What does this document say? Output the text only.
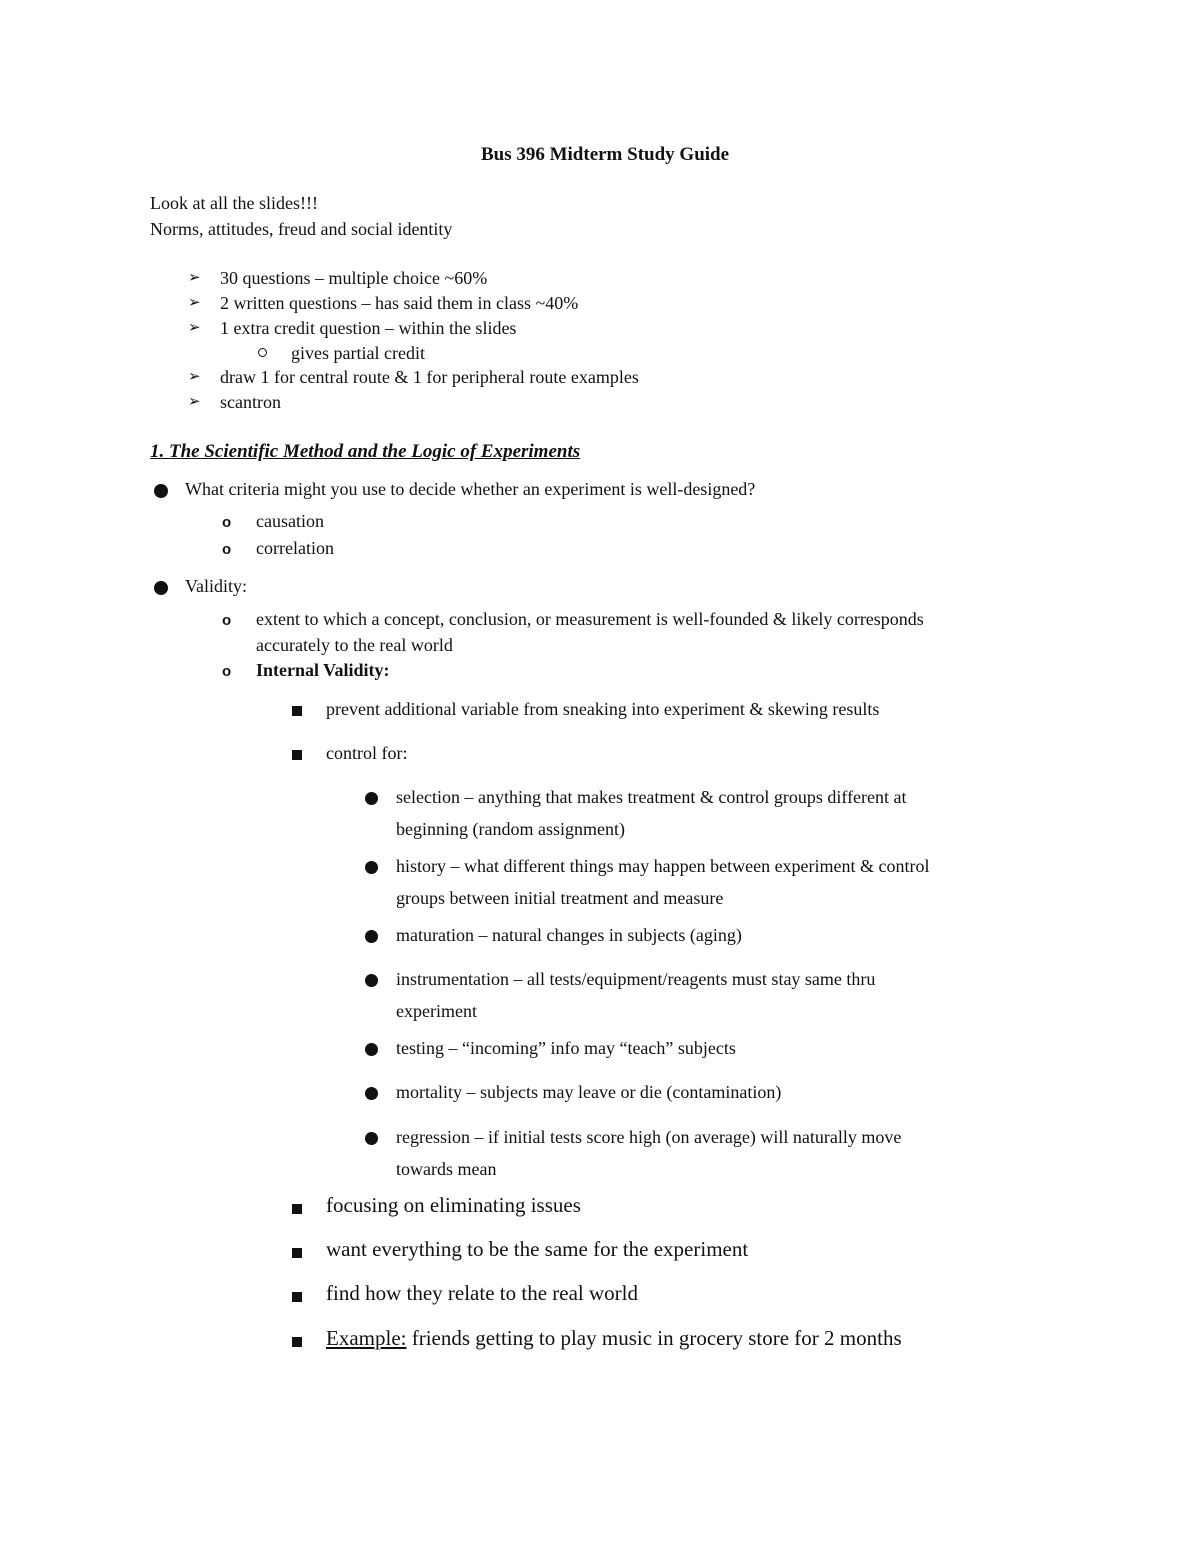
Bus 396 Midterm Study Guide
Look at all the slides!!!
Norms, attitudes, freud and social identity
➢ 30 questions – multiple choice ~60%
➢ 2 written questions – has said them in class ~40%
➢ 1 extra credit question – within the slides
gives partial credit
➢ draw 1 for central route & 1 for peripheral route examples
➢ scantron
1. The Scientific Method and the Logic of Experiments
What criteria might you use to decide whether an experiment is well-designed?
o causation
o correlation
Validity:
o extent to which a concept, conclusion, or measurement is well-founded & likely corresponds
accurately to the real world
o Internal Validity:
prevent additional variable from sneaking into experiment & skewing results
control for:
selection – anything that makes treatment & control groups different at
beginning (random assignment)
history – what different things may happen between experiment & control
groups between initial treatment and measure
maturation – natural changes in subjects (aging)
instrumentation – all tests/equipment/reagents must stay same thru
experiment
testing – “incoming” info may “teach” subjects
mortality – subjects may leave or die (contamination)
regression – if initial tests score high (on average) will naturally move
towards mean
focusing on eliminating issues
want everything to be the same for the experiment
find how they relate to the real world
Example: friends getting to play music in grocery store for 2 months
